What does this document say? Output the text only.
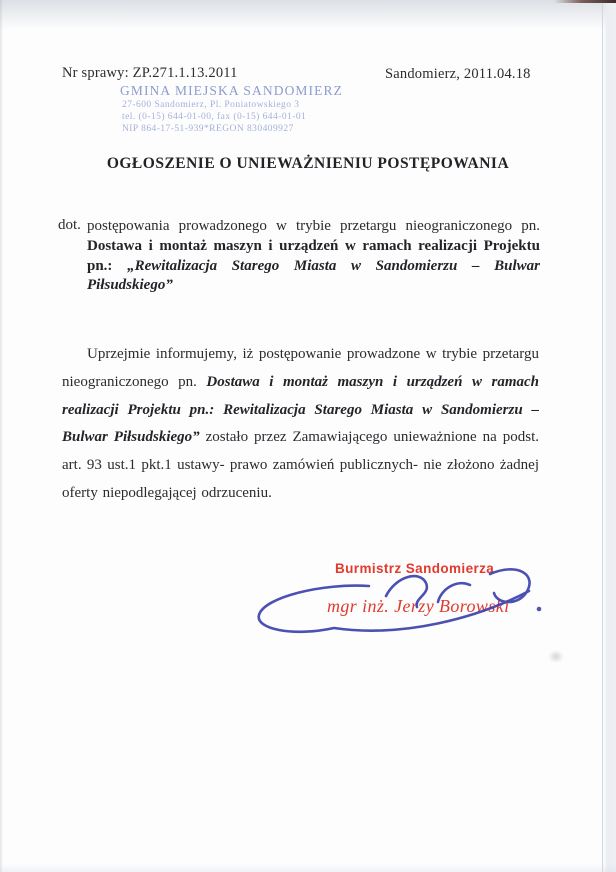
Nr sprawy: ZP.271.1.13.2011	Sandomierz, 2011.04.18
GMINA MIEJSKA SANDOMIERZ
27-600 Sandomierz, Pl. Poniatowskiego 3
tel. (0-15) 644-01-00, fax (0-15) 644-01-01
NIP 864-17-51-939*REGON 830409927
OGŁOSZENIE O UNIEWAŻNIENIU POSTĘPOWANIA
dot. postępowania prowadzonego w trybie przetargu nieograniczonego pn. Dostawa i montaż maszyn i urządzeń w ramach realizacji Projektu pn.: „Rewitalizacja Starego Miasta w Sandomierzu – Bulwar Piłsudskiego”

Uprzejmie informujemy, iż postępowanie prowadzone w trybie przetargu nieograniczonego pn. Dostawa i montaż maszyn i urządzeń w ramach realizacji Projektu pn.: Rewitalizacja Starego Miasta w Sandomierzu – Bulwar Piłsudskiego” zostało przez Zamawiającego unieważnione na podst. art. 93 ust.1 pkt.1 ustawy- prawo zamówień publicznych- nie złożono żadnej oferty niepodlegającej odrzuceniu.

Burmistrz Sandomierza
mgr inż. Jerzy Borowski
